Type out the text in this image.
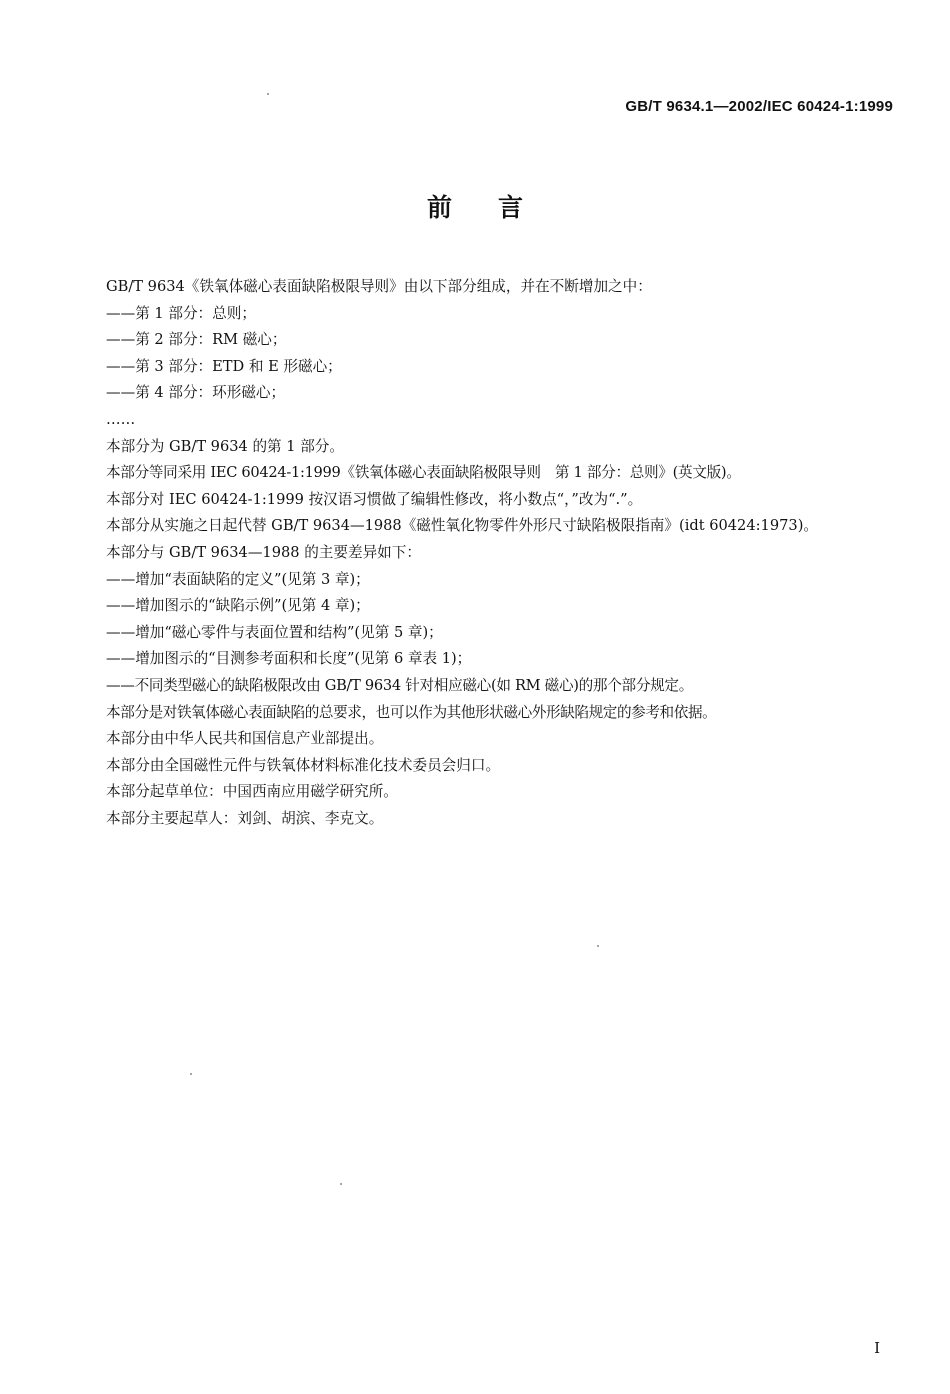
GB/T 9634.1—2002/IEC 60424-1:1999
前言

GB/T 9634《铁氧体磁心表面缺陷极限导则》由以下部分组成，并在不断增加之中：

——第 1 部分：总则；

——第 2 部分：RM 磁心；

——第 3 部分：ETD 和 E 形磁心；

——第 4 部分：环形磁心；

……

本部分为 GB/T 9634 的第 1 部分。

本部分等同采用 IEC 60424-1:1999《铁氧体磁心表面缺陷极限导则　第 1 部分：总则》(英文版)。

本部分对 IEC 60424-1:1999 按汉语习惯做了编辑性修改，将小数点“，”改为“.”。

本部分从实施之日起代替 GB/T 9634—1988《磁性氧化物零件外形尺寸缺陷极限指南》(idt 60424:1973)。

本部分与 GB/T 9634—1988 的主要差异如下：

——增加“表面缺陷的定义”(见第 3 章)；

——增加图示的“缺陷示例”(见第 4 章)；

——增加“磁心零件与表面位置和结构”(见第 5 章)；

——增加图示的“目测参考面积和长度”(见第 6 章表 1)；

——不同类型磁心的缺陷极限改由 GB/T 9634 针对相应磁心(如 RM 磁心)的那个部分规定。

本部分是对铁氧体磁心表面缺陷的总要求，也可以作为其他形状磁心外形缺陷规定的参考和依据。

本部分由中华人民共和国信息产业部提出。

本部分由全国磁性元件与铁氧体材料标准化技术委员会归口。

本部分起草单位：中国西南应用磁学研究所。

本部分主要起草人：刘剑、胡滨、李克文。

I
